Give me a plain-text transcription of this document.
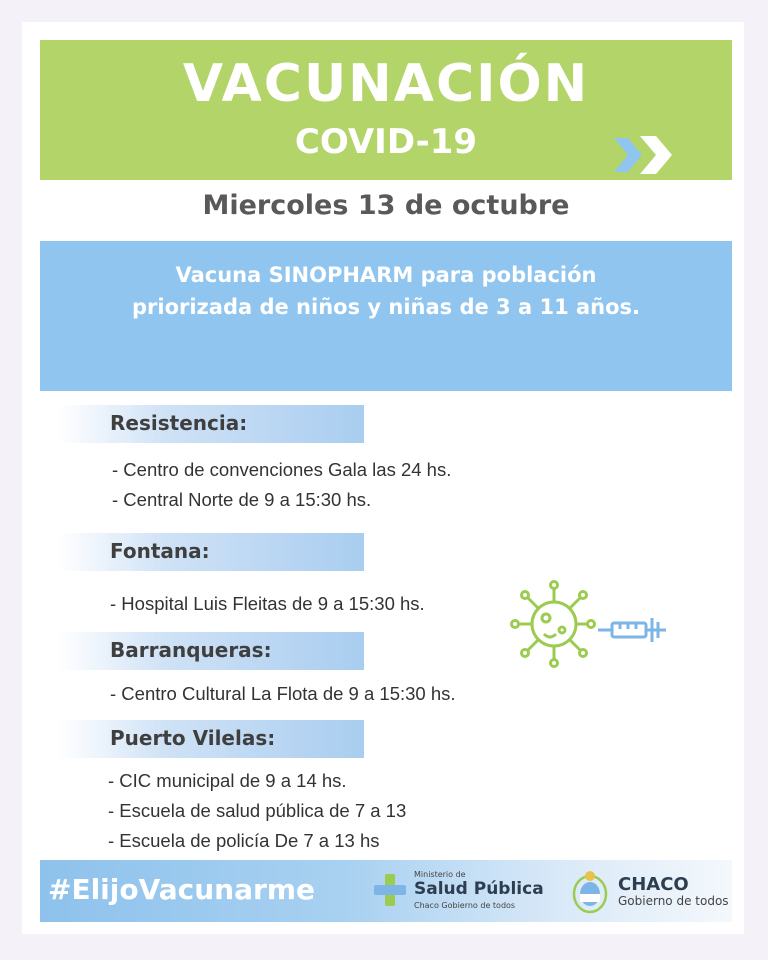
VACUNACIÓN
COVID-19
Miercoles 13 de octubre
Vacuna SINOPHARM para población
priorizada de niños y niñas de 3 a 11 años.
Resistencia:
- Centro de convenciones Gala las 24 hs.
- Central Norte de 9 a 15:30 hs.
Fontana:
- Hospital Luis Fleitas de 9 a 15:30 hs.
Barranqueras:
- Centro Cultural La Flota de 9 a 15:30 hs.
Puerto Vilelas:
- CIC municipal de 9 a 14 hs.
- Escuela de salud pública de 7 a 13
- Escuela de policía De 7 a 13 hs
#ElijoVacunarme	Ministerio de
Salud Pública
Chaco Gobierno de todos
CHACO
Gobierno de todos
